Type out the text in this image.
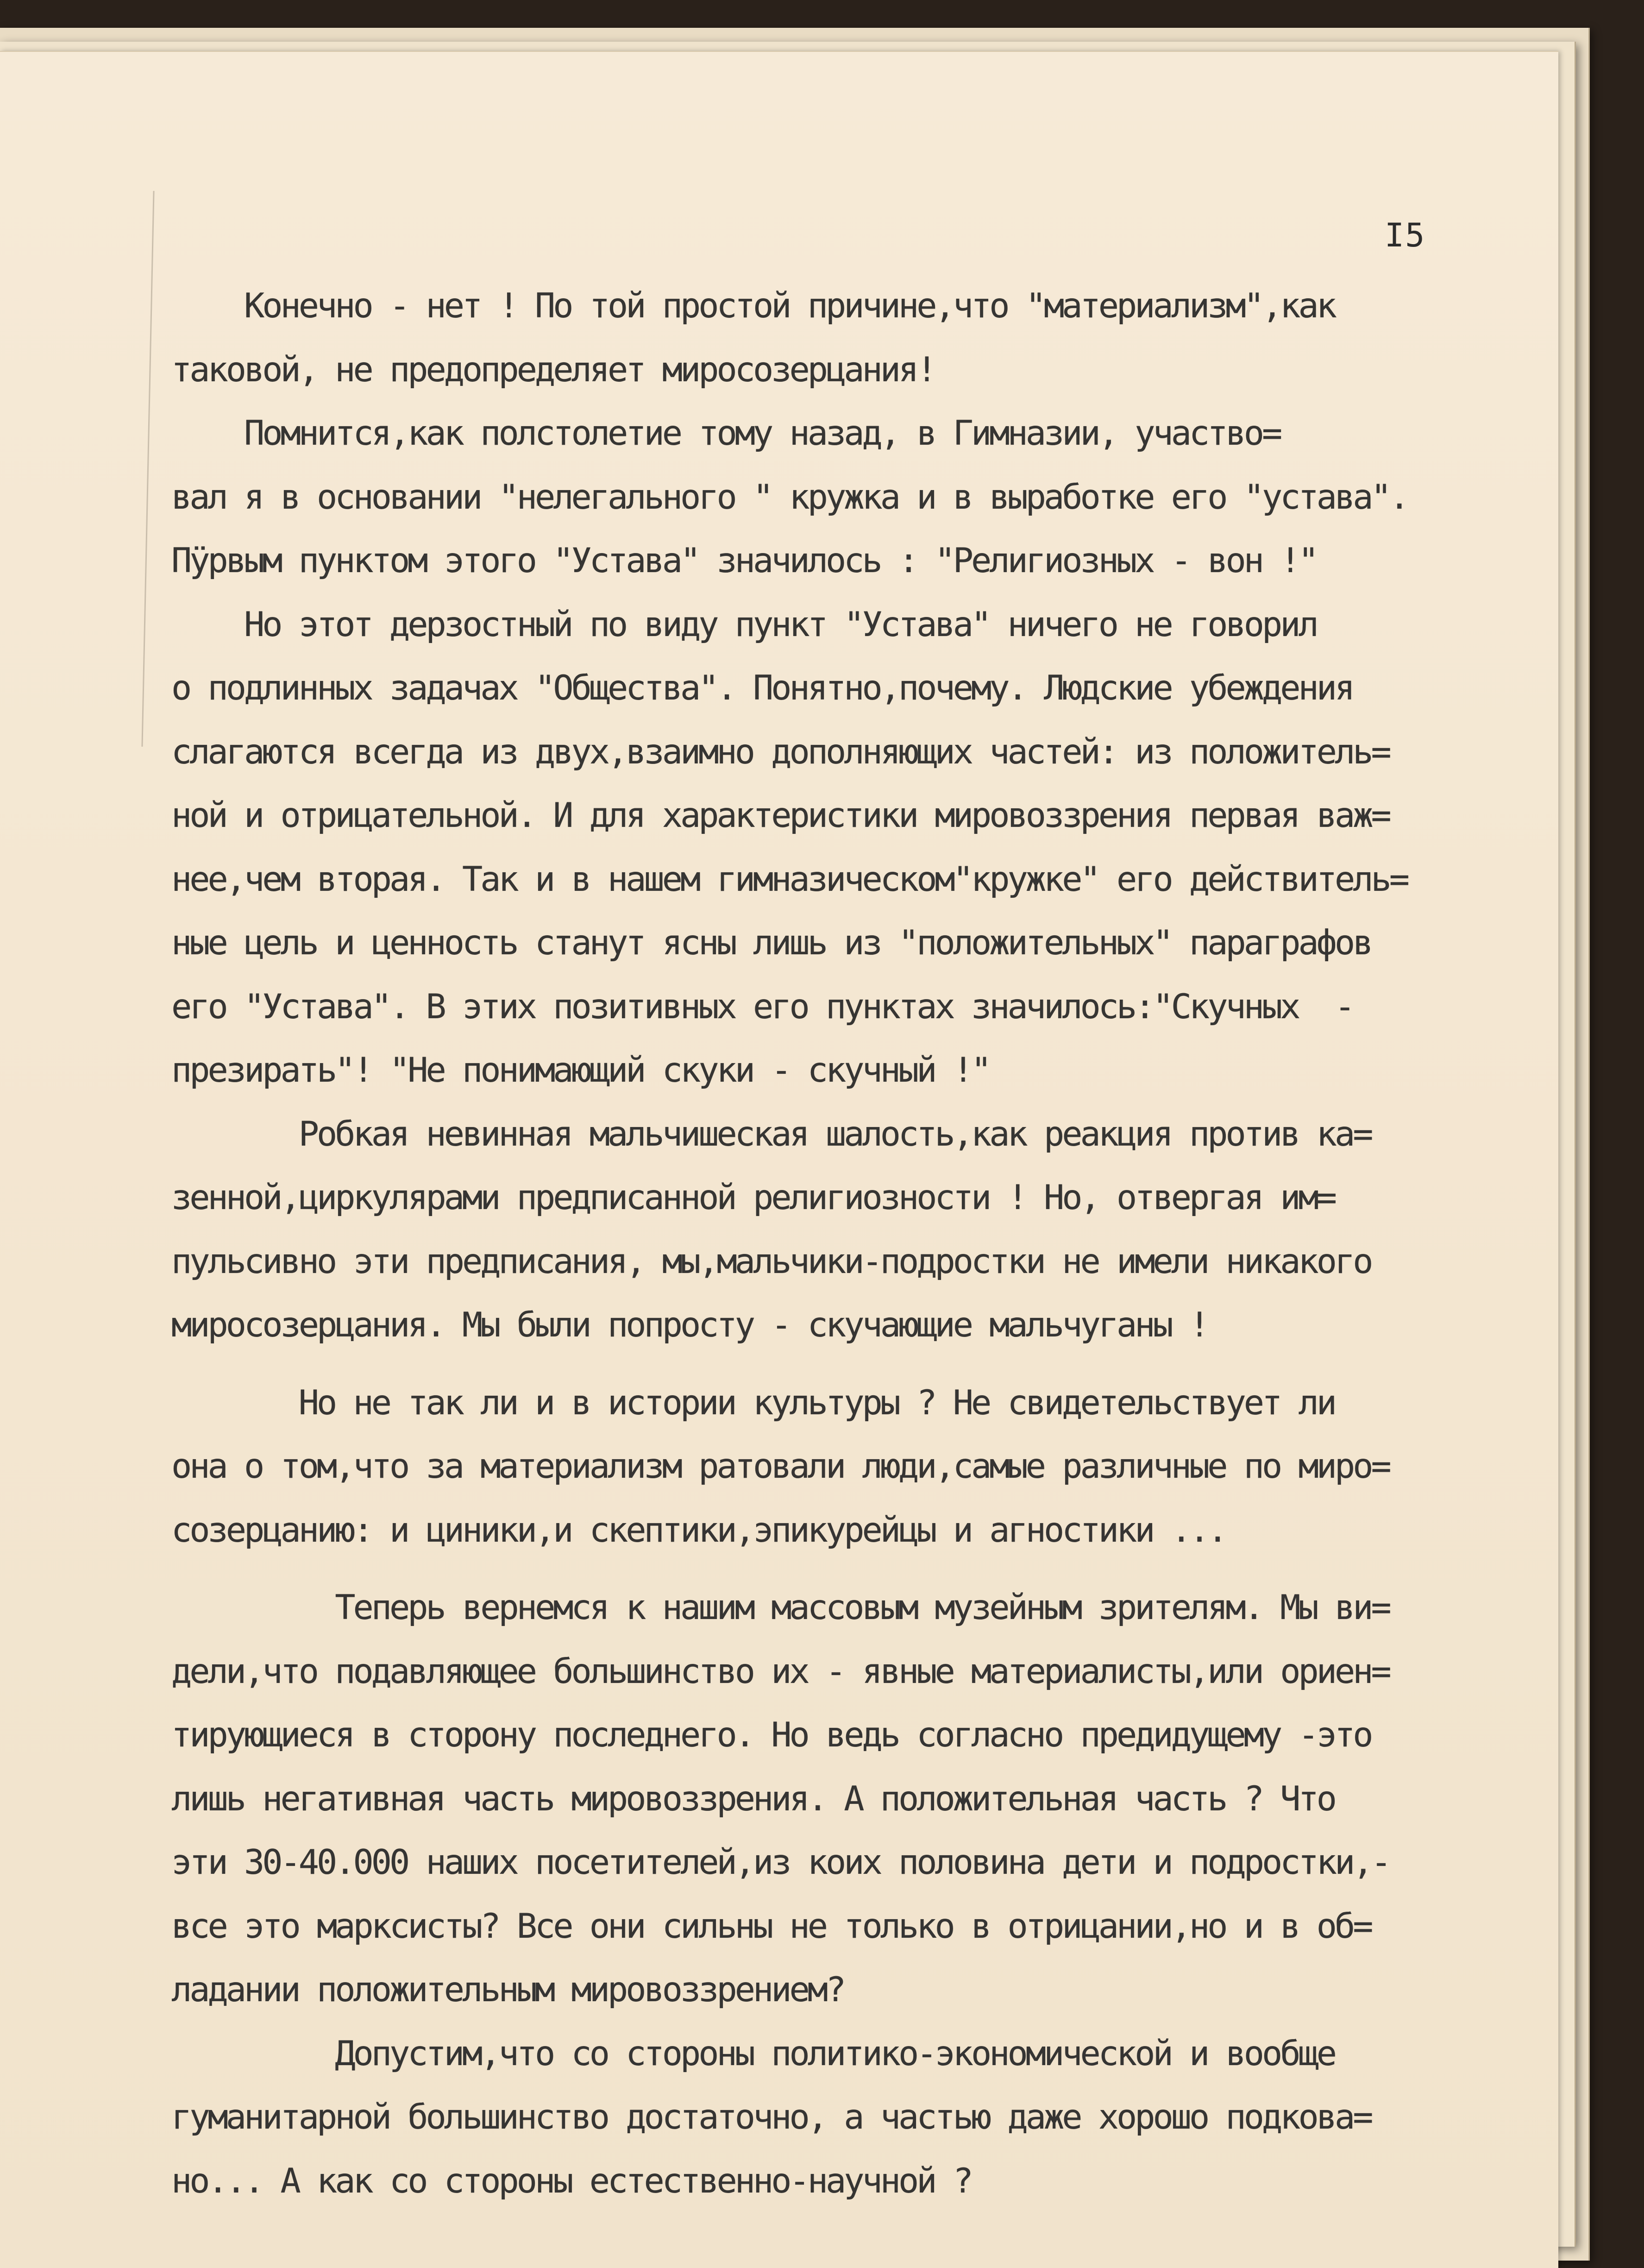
I5
Конечно - нет ! По той простой причине,что "материализм",как
таковой, не предопределяет миросозерцания!
Помнится,как полстолетие тому назад, в Гимназии, участво=
вал я в основании "нелегального " кружка и в выработке его "устава".
Пÿрвым пунктом этого "Устава" значилось : "Религиозных - вон !"
Но этот дерзостный по виду пункт "Устава" ничего не говорил
о подлинных задачах "Общества". Понятно,почему. Людские убеждения
слагаются всегда из двух,взаимно дополняющих частей: из положитель=
ной и отрицательной. И для характеристики мировоззрения первая важ=
нее,чем вторая. Так и в нашем гимназическом"кружке" его действитель=
ные цель и ценность станут ясны лишь из "положительных" параграфов
его "Устава". В этих позитивных его пунктах значилось:"Скучных  -
презирать"! "Не понимающий скуки - скучный !"
Робкая невинная мальчишеская шалость,как реакция против ка=
зенной,циркулярами предписанной религиозности ! Но, отвергая им=
пульсивно эти предписания, мы,мальчики-подростки не имели никакого
миросозерцания. Мы были попросту - скучающие мальчуганы !
Но не так ли и в истории культуры ? Не свидетельствует ли
она о том,что за материализм ратовали люди,самые различные по миро=
созерцанию: и циники,и скептики,эпикурейцы и агностики ...
Теперь вернемся к нашим массовым музейным зрителям. Мы ви=
дели,что подавляющее большинство их - явные материалисты,или ориен=
тирующиеся в сторону последнего. Но ведь согласно предидущему -это
лишь негативная часть мировоззрения. А положительная часть ? Что
эти 30-40.000 наших посетителей,из коих половина дети и подростки,-
все это марксисты? Все они сильны не только в отрицании,но и в об=
ладании положительным мировоззрением?
Допустим,что со стороны политико-экономической и вообще
гуманитарной большинство достаточно, а частью даже хорошо подкова=
но... А как со стороны естественно-научной ?
